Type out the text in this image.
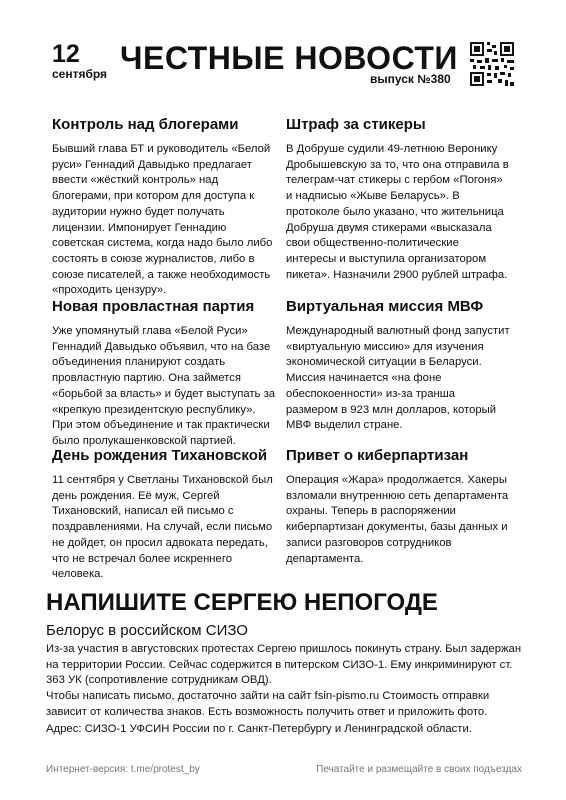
12
сентября ЧЕСТНЫЕ НОВОСТИ
выпуск №380
Контроль над блогерами

Бывший глава БТ и руководитель «Белой руси» Геннадий Давыдько предлагает ввести «жёсткий контроль» над блогерами, при котором для доступа к аудитории нужно будет получать лицензии. Импонирует Геннадию советская система, когда надо было либо состоять в союзе журналистов, либо в союзе писателей, а также необходимость «проходить цензуру».

Штраф за стикеры

В Добруше судили 49-летнюю Веронику Дробышевскую за то, что она отправила в телеграм-чат стикеры с гербом «Погоня» и надписью «Жыве Беларусь». В протоколе было указано, что жительница Добруша двумя стикерами «высказала свои общественно-политические интересы и выступила организатором пикета». Назначили 2900 рублей штрафа.

Новая провластная партия

Уже упомянутый глава «Белой Руси» Геннадий Давыдько объявил, что на базе объединения планируют создать провластную партию. Она займется «борьбой за власть» и будет выступать за «крепкую президентскую республику». При этом объединение и так практически было пролукашенковской партией.

Виртуальная миссия МВФ

Международный валютный фонд запустит «виртуальную миссию» для изучения экономической ситуации в Беларуси. Миссия начинается «на фоне обеспокоенности» из-за транша размером в 923 млн долларов, который МВФ выделил стране.

День рождения Тихановской

11 сентября у Светланы Тихановской был день рождения. Её муж, Сергей Тихановский, написал ей письмо с поздравлениями. На случай, если письмо не дойдет, он просил адвоката передать, что не встречал более искреннего человека.

Привет о киберпартизан

Операция «Жара» продолжается. Хакеры взломали внутреннюю сеть департамента охраны. Теперь в распоряжении киберпартизан документы, базы данных и записи разговоров сотрудников департамента.

НАПИШИТЕ СЕРГЕЮ НЕПОГОДЕ
Белорус в российском СИЗО

Из-за участия в августовских протестах Сергею пришлось покинуть страну. Был задержан на территории России. Сейчас содержится в питерском СИЗО-1. Ему инкриминируют ст. 363 УК (сопротивление сотрудникам ОВД).

Чтобы написать письмо, достаточно зайти на сайт fsin-pismo.ru Стоимость отправки зависит от количества знаков. Есть возможность получить ответ и приложить фото.

Адрес: СИЗО-1 УФСИН России по г. Санкт-Петербургу и Ленинградской области.
Интернет-версия: t.me/protest_by	Печатайте и размещайте в своих подъездах
